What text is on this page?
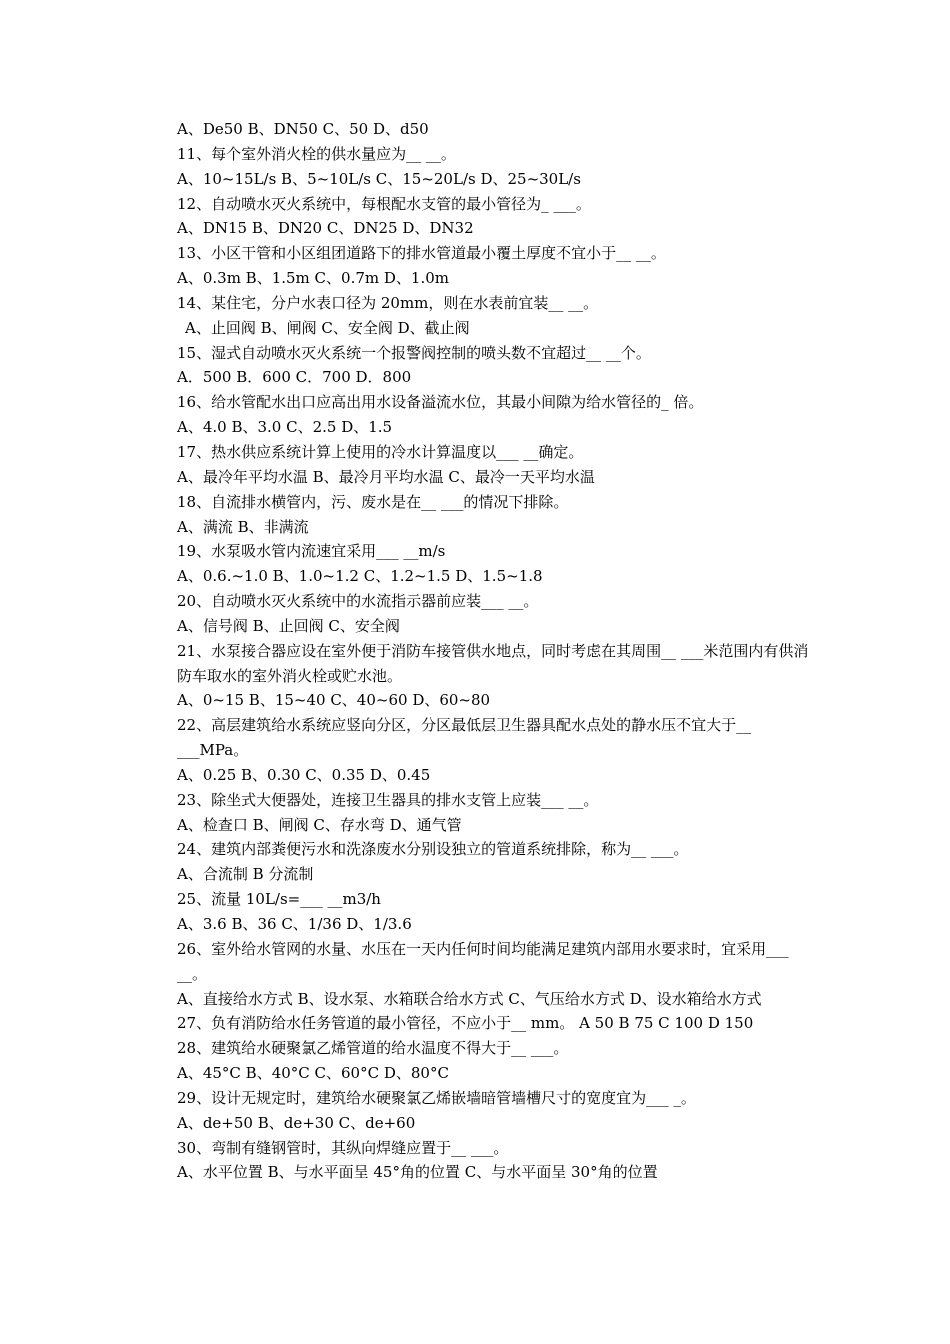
A、De50 B、DN50 C、50 D、d50
11、每个室外消火栓的供水量应为__ __。
A、10~15L/s B、5~10L/s C、15~20L/s D、25~30L/s
12、自动喷水灭火系统中，每根配水支管的最小管径为_ ___。
A、DN15 B、DN20 C、DN25 D、DN32
13、小区干管和小区组团道路下的排水管道最小覆土厚度不宜小于__ __。
A、0.3m B、1.5m C、0.7m D、1.0m
14、某住宅，分户水表口径为 20mm，则在水表前宜装__ __。
A、止回阀 B、闸阀 C、安全阀 D、截止阀
15、湿式自动喷水灭火系统一个报警阀控制的喷头数不宜超过__ __个。
A．500 B．600 C．700 D．800
16、给水管配水出口应高出用水设备溢流水位，其最小间隙为给水管径的_ 倍。
A、4.0 B、3.0 C、2.5 D、1.5
17、热水供应系统计算上使用的冷水计算温度以___ __确定。
A、最冷年平均水温 B、最冷月平均水温 C、最冷一天平均水温
18、自流排水横管内，污、废水是在__ ___的情况下排除。
A、满流 B、非满流
19、水泵吸水管内流速宜采用___ __m/s
A、0.6.~1.0 B、1.0~1.2 C、1.2~1.5 D、1.5~1.8
20、自动喷水灭火系统中的水流指示器前应装___ __。
A、信号阀 B、止回阀 C、安全阀
21、水泵接合器应设在室外便于消防车接管供水地点，同时考虑在其周围__ ___米范围内有供消防车取水的室外消火栓或贮水池。
A、0~15 B、15~40 C、40~60 D、60~80
22、高层建筑给水系统应竖向分区，分区最低层卫生器具配水点处的静水压不宜大于__ ___MPa。
A、0.25 B、0.30 C、0.35 D、0.45
23、除坐式大便器处，连接卫生器具的排水支管上应装___ __。
A、检查口 B、闸阀 C、存水弯 D、通气管
24、建筑内部粪便污水和洗涤废水分别设独立的管道系统排除，称为__ ___。
A、合流制 B 分流制
25、流量 10L/s=___ __m3/h
A、3.6 B、36 C、1/36 D、1/3.6
26、室外给水管网的水量、水压在一天内任何时间均能满足建筑内部用水要求时，宜采用___ __。
A、直接给水方式 B、设水泵、水箱联合给水方式 C、气压给水方式 D、设水箱给水方式
27、负有消防给水任务管道的最小管径，不应小于__ mm。 A 50 B 75 C 100 D 150
28、建筑给水硬聚氯乙烯管道的给水温度不得大于__ ___。
A、45°C B、40°C C、60°C D、80°C
29、设计无规定时，建筑给水硬聚氯乙烯嵌墙暗管墙槽尺寸的宽度宜为___ _。
A、de+50 B、de+30 C、de+60
30、弯制有缝钢管时，其纵向焊缝应置于__ ___。
A、水平位置 B、与水平面呈 45°角的位置 C、与水平面呈 30°角的位置
